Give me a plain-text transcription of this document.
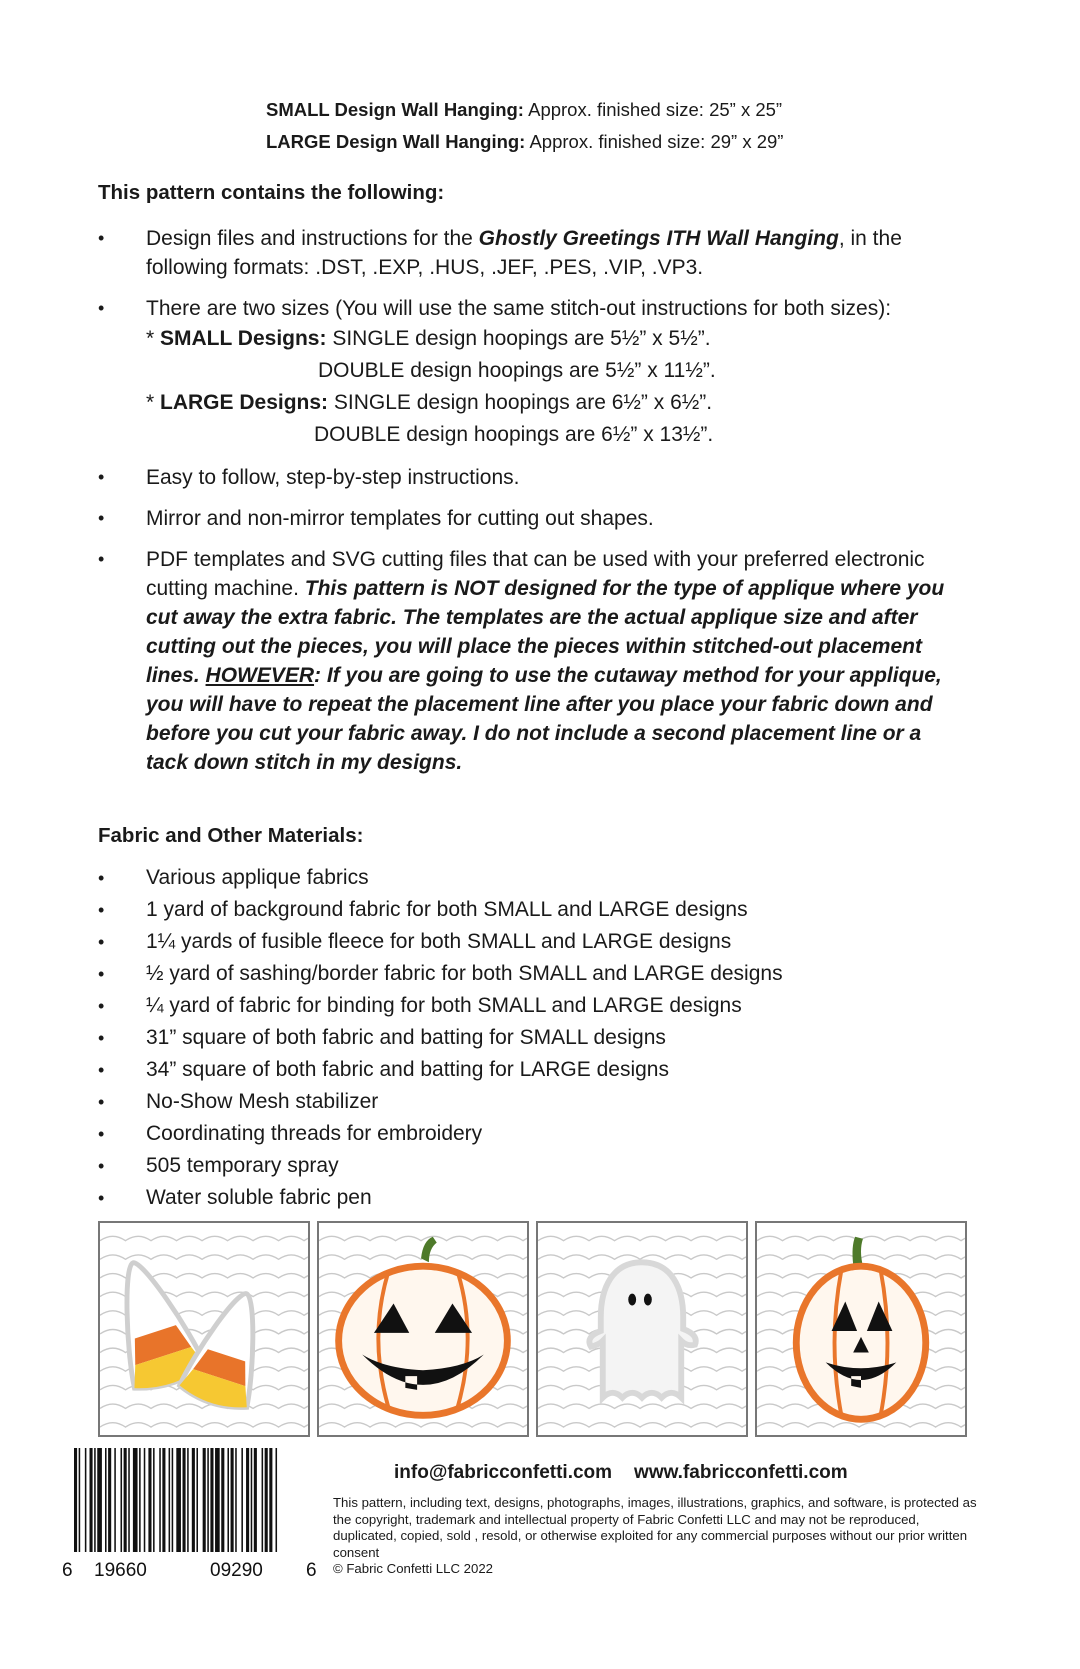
SMALL Design Wall Hanging: Approx. finished size: 25” x 25”
LARGE Design Wall Hanging: Approx. finished size: 29” x 29”
This pattern contains the following:
• Design files and instructions for the Ghostly Greetings ITH Wall Hanging, in the following formats: .DST, .EXP, .HUS, .JEF, .PES, .VIP, .VP3.
• There are two sizes (You will use the same stitch-out instructions for both sizes):
* SMALL Designs: SINGLE design hoopings are 5½” x 5½”.
DOUBLE design hoopings are 5½” x 11½”.
* LARGE Designs: SINGLE design hoopings are 6½” x 6½”.
DOUBLE design hoopings are 6½” x 13½”.
• Easy to follow, step-by-step instructions.
• Mirror and non-mirror templates for cutting out shapes.
• PDF templates and SVG cutting files that can be used with your preferred electronic cutting machine. This pattern is NOT designed for the type of applique where you cut away the extra fabric. The templates are the actual applique size and after cutting out the pieces, you will place the pieces within stitched-out placement lines. HOWEVER: If you are going to use the cutaway method for your applique, you will have to repeat the placement line after you place your fabric down and before you cut your fabric away. I do not include a second placement line or a tack down stitch in my designs.
Fabric and Other Materials:
• Various applique fabrics
• 1 yard of background fabric for both SMALL and LARGE designs
• 1¼ yards of fusible fleece for both SMALL and LARGE designs
• ½ yard of sashing/border fabric for both SMALL and LARGE designs
• ¼ yard of fabric for binding for both SMALL and LARGE designs
• 31” square of both fabric and batting for SMALL designs
• 34” square of both fabric and batting for LARGE designs
• No-Show Mesh stabilizer
• Coordinating threads for embroidery
• 505 temporary spray
• Water soluble fabric pen
6 19660	09290 6
info@fabricconfetti.com www.fabricconfetti.com
This pattern, including text, designs, photographs, images, illustrations, graphics, and software, is protected as the copyright, trademark and intellectual property of Fabric Confetti LLC and may not be reproduced, duplicated, copied, sold , resold, or otherwise exploited for any commercial purposes without our prior written consent
© Fabric Confetti LLC 2022
